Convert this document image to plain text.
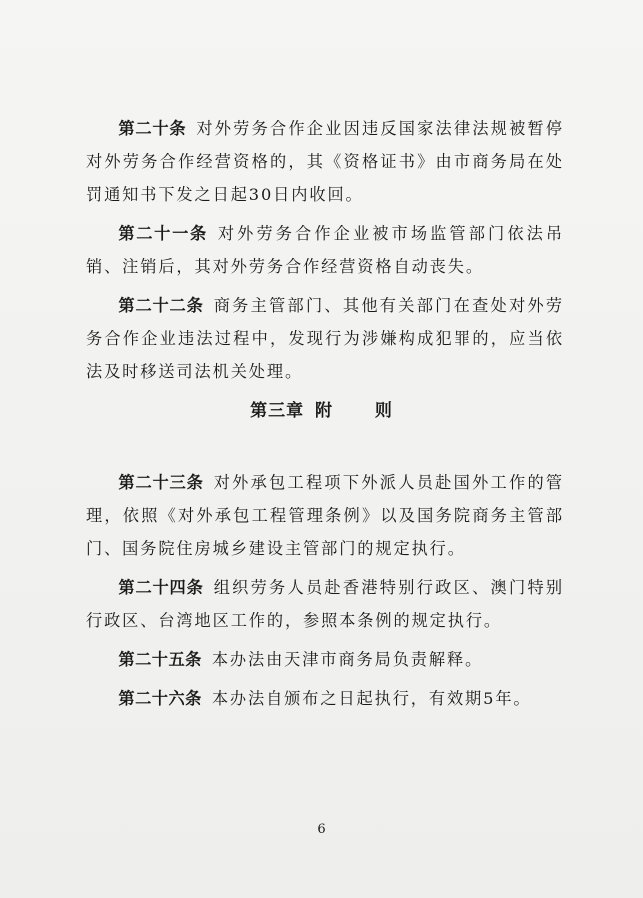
第二十条 对外劳务合作企业因违反国家法律法规被暂停对外劳务合作经营资格的，其《资格证书》由市商务局在处罚通知书下发之日起30日内收回。

第二十一条 对外劳务合作企业被市场监管部门依法吊销、注销后，其对外劳务合作经营资格自动丧失。

第二十二条 商务主管部门、其他有关部门在查处对外劳务合作企业违法过程中，发现行为涉嫌构成犯罪的，应当依法及时移送司法机关处理。

第三章 附 则

第二十三条 对外承包工程项下外派人员赴国外工作的管理，依照《对外承包工程管理条例》以及国务院商务主管部门、国务院住房城乡建设主管部门的规定执行。

第二十四条 组织劳务人员赴香港特别行政区、澳门特别行政区、台湾地区工作的，参照本条例的规定执行。

第二十五条 本办法由天津市商务局负责解释。

第二十六条 本办法自颁布之日起执行，有效期5年。

6
